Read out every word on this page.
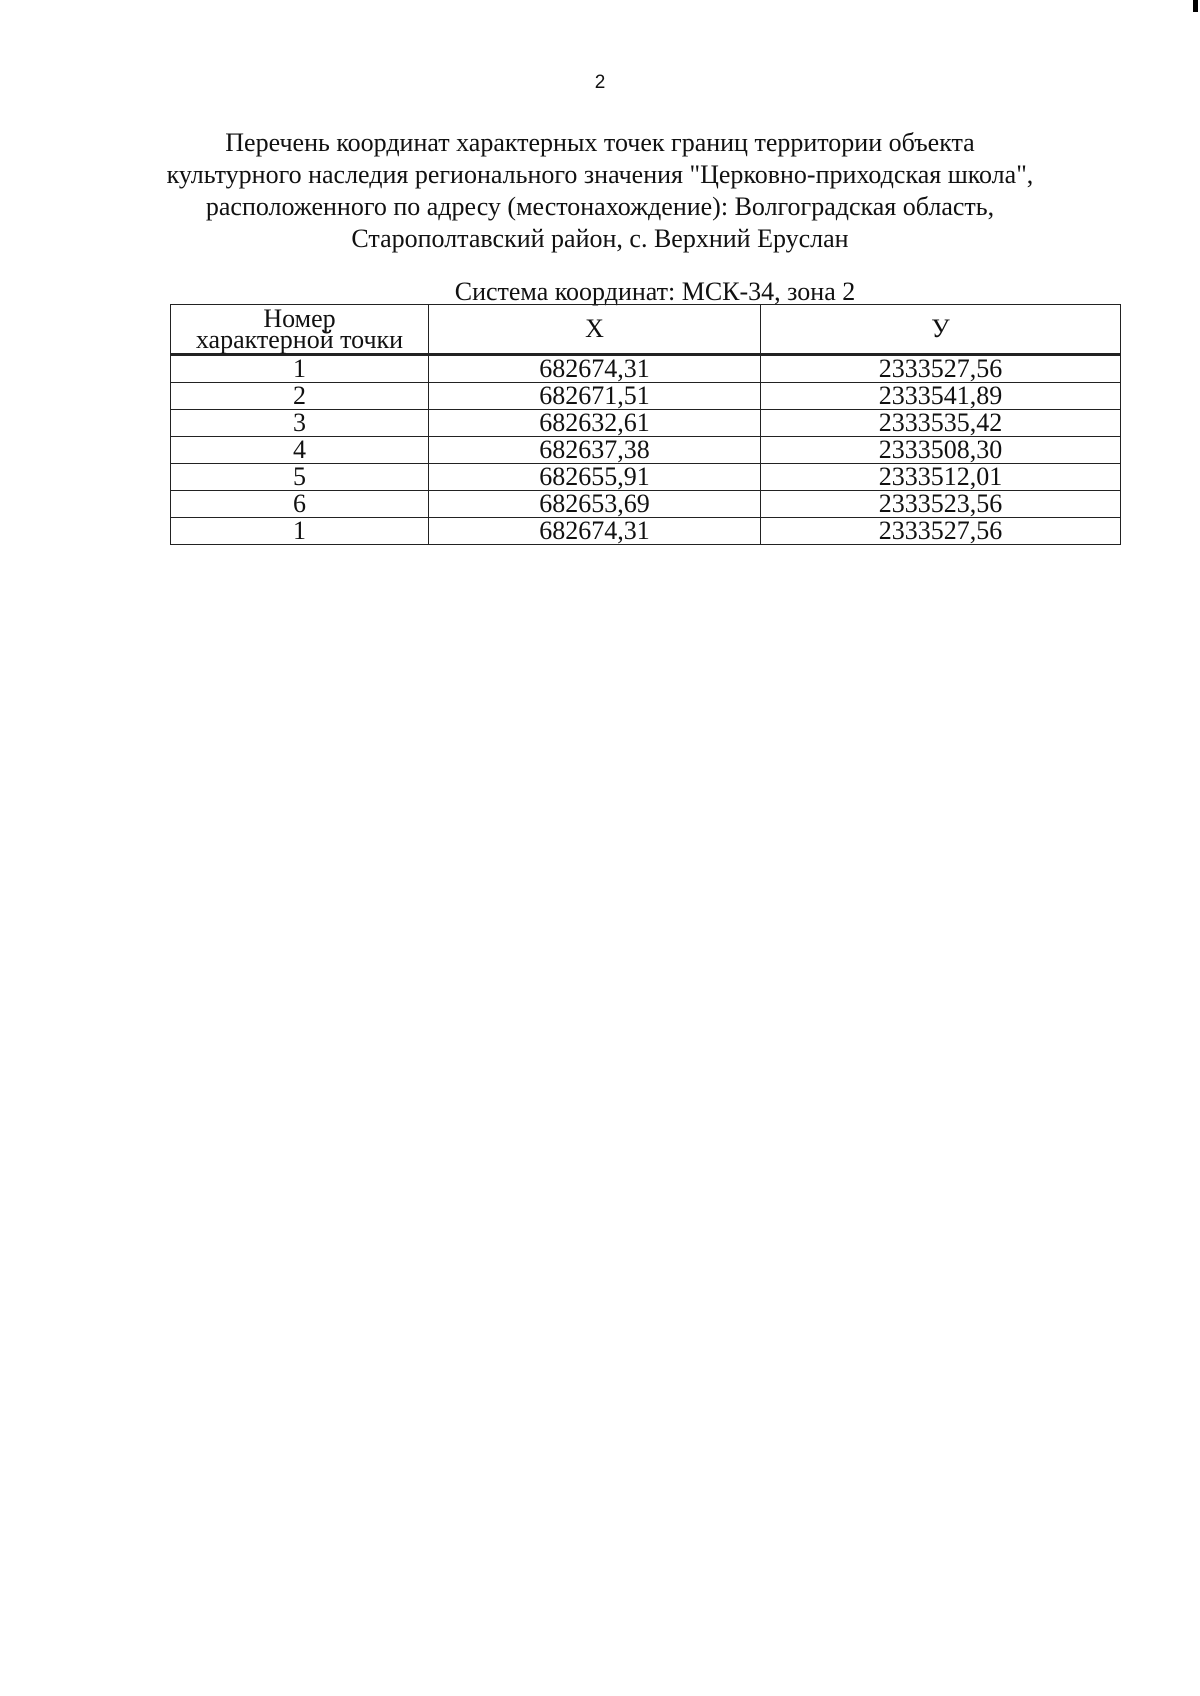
2
Перечень координат характерных точек границ территории объекта
культурного наследия регионального значения "Церковно-приходская школа",
расположенного по адресу (местонахождение): Волгоградская область,
Старополтавский район, с. Верхний Еруслан
Система координат: МСК-34, зона 2
Номер
характерной точки	Х	У
1	682674,31	2333527,56
2	682671,51	2333541,89
3	682632,61	2333535,42
4	682637,38	2333508,30
5	682655,91	2333512,01
6	682653,69	2333523,56
1	682674,31	2333527,56
